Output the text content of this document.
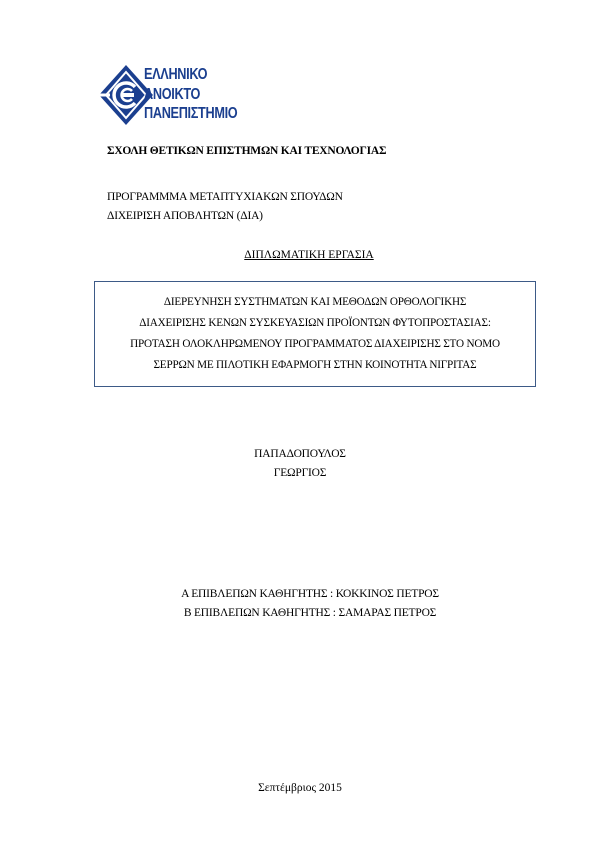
ΕΛΛΗΝΙΚΟ
ΑΝΟΙΚΤΟ
ΠΑΝΕΠΙΣΤΗΜΙΟ
ΣΧΟΛΗ ΘΕΤΙΚΩΝ ΕΠΙΣΤΗΜΩΝ ΚΑΙ ΤΕΧΝΟΛΟΓΙΑΣ
ΠΡΟΓΡΑΜΜΜΑ ΜΕΤΑΠΤΥΧΙΑΚΩΝ ΣΠΟΥΔΩΝ
ΔΙΧΕΙΡΙΣΗ ΑΠΟΒΛΗΤΩΝ (ΔΙΑ)
ΔΙΠΛΩΜΑΤΙΚΗ ΕΡΓΑΣΙΑ
ΔΙΕΡΕΥΝΗΣΗ ΣΥΣΤΗΜΑΤΩΝ ΚΑΙ ΜΕΘΟΔΩΝ ΟΡΘΟΛΟΓΙΚΗΣ
ΔΙΑΧΕΙΡΙΣΗΣ ΚΕΝΩΝ ΣΥΣΚΕΥΑΣΙΩΝ ΠΡΟΪΟΝΤΩΝ ΦΥΤΟΠΡΟΣΤΑΣΙΑΣ:
ΠΡΟΤΑΣΗ ΟΛΟΚΛΗΡΩΜΕΝΟΥ ΠΡΟΓΡΑΜΜΑΤΟΣ ΔΙΑΧΕΙΡΙΣΗΣ ΣΤΟ ΝΟΜΟ
ΣΕΡΡΩΝ ΜΕ ΠΙΛΟΤΙΚΗ ΕΦΑΡΜΟΓΗ ΣΤΗΝ ΚΟΙΝΟΤΗΤΑ ΝΙΓΡΙΤΑΣ
ΠΑΠΑΔΟΠΟΥΛΟΣ
ΓΕΩΡΓΙΟΣ
Α ΕΠΙΒΛΕΠΩΝ ΚΑΘΗΓΗΤΗΣ : ΚΟΚΚΙΝΟΣ ΠΕΤΡΟΣ
Β ΕΠΙΒΛΕΠΩΝ ΚΑΘΗΓΗΤΗΣ : ΣΑΜΑΡΑΣ ΠΕΤΡΟΣ
Σεπτέμβριος 2015
